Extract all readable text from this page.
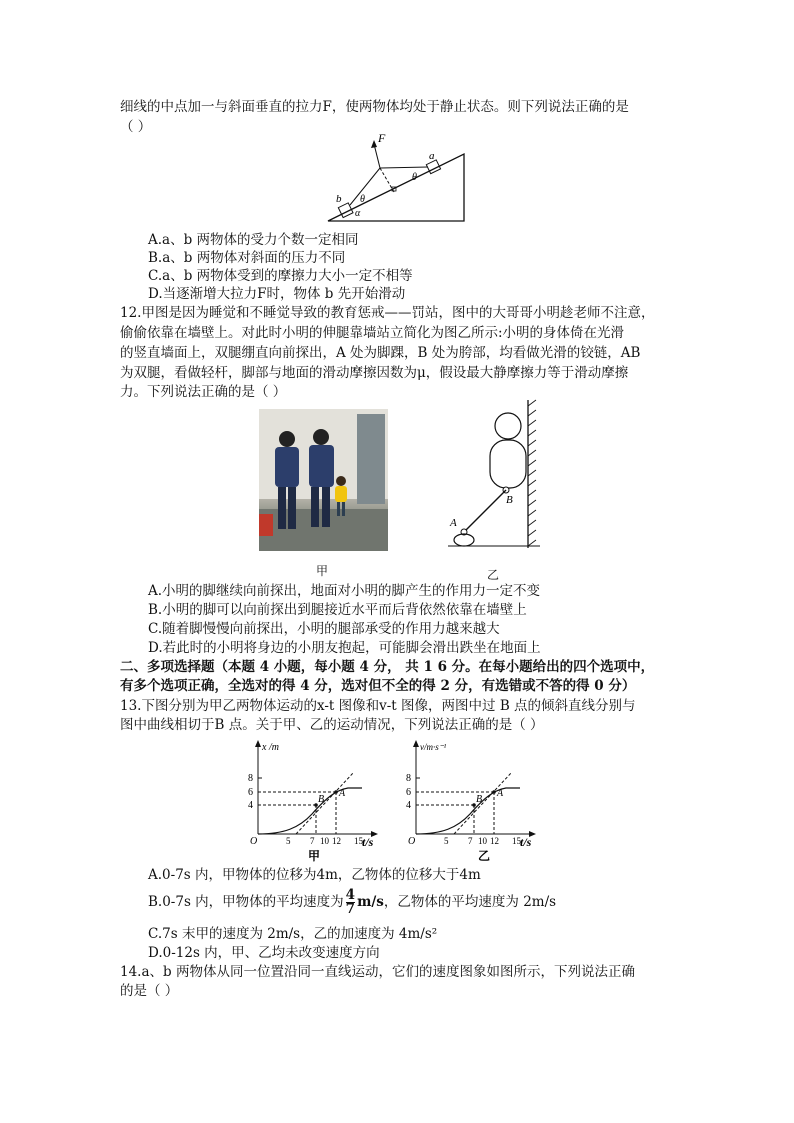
细线的中点加一与斜面垂直的拉力F，使两物体均处于静止状态。则下列说法正确的是
（ ）
F
a
b θ
θ
α
A.a、b 两物体的受力个数一定相同
B.a、b 两物体对斜面的压力不同
C.a、b 两物体受到的摩擦力大小一定不相等
D.当逐渐增大拉力F时，物体 b 先开始滑动
12.甲图是因为睡觉和不睡觉导致的教育惩戒——罚站，图中的大哥哥小明趁老师不注意，
偷偷依靠在墙壁上。对此时小明的伸腿靠墙站立简化为图乙所示:小明的身体倚在光滑
的竖直墙面上，双腿绷直向前探出，A 处为脚踝，B 处为胯部，均看做光滑的铰链，AB
为双腿，看做轻杆，脚部与地面的滑动摩擦因数为μ，假设最大静摩擦力等于滑动摩擦
力。下列说法正确的是（ ）
甲
B
A
乙
A.小明的脚继续向前探出，地面对小明的脚产生的作用力一定不变
B.小明的脚可以向前探出到腿接近水平而后背依然依靠在墙壁上
C.随着脚慢慢向前探出，小明的腿部承受的作用力越来越大
D.若此时的小明将身边的小朋友抱起，可能脚会滑出跌坐在地面上
二、多项选择题（本题 4 小题，每小题 4 分， 共 1 6 分。在每小题给出的四个选项中，
有多个选项正确，全选对的得 4 分，选对但不全的得 2 分，有选错或不答的得 0 分）
13.下图分别为甲乙两物体运动的x-t 图像和v-t 图像，两图中过 B 点的倾斜直线分别与
图中曲线相切于B 点。关于甲、乙的运动情况，下列说法正确的是（ ）
x /m
t/s
8
6
4
O	5 7 10 12 15
A
B
甲
v/m·s⁻¹
t/s
8
6
4
O	5 7 10 12 15
A
B
乙
A.0-7s 内，甲物体的位移为4m，乙物体的位移大于4m
B.0-7s 内，甲物体的平均速度为 $\frac{4}{7} m/s$，乙物体的平均速度为 2m/s
C.7s 末甲的速度为 2m/s，乙的加速度为 4m/s²
D.0-12s 内，甲、乙均未改变速度方向
14.a、b 两物体从同一位置沿同一直线运动，它们的速度图象如图所示，下列说法正确
的是（ ）
